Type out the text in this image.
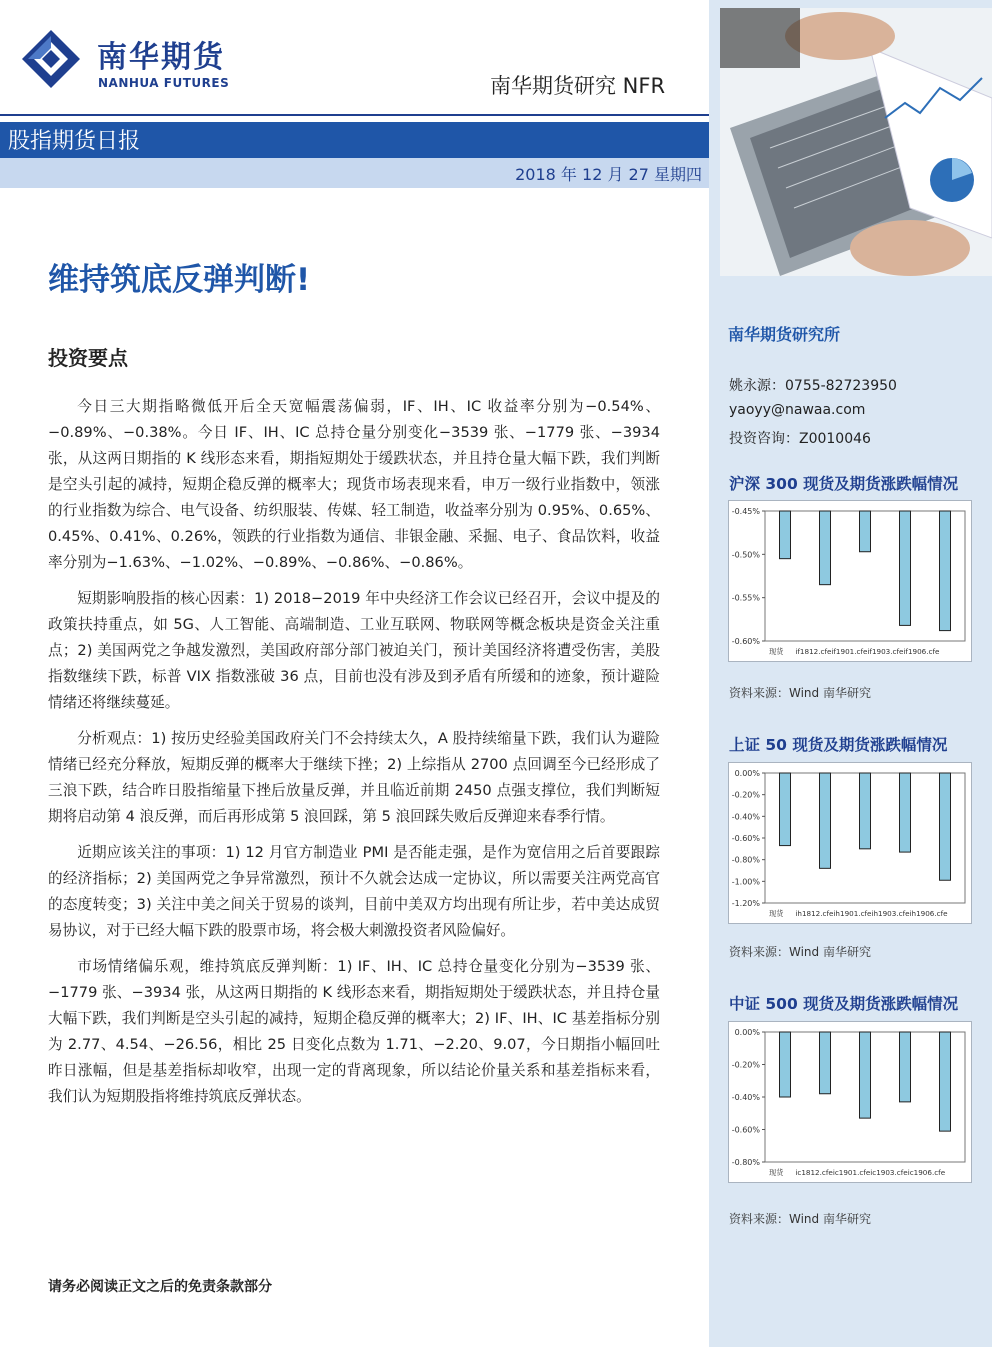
南华期货
NANHUA FUTURES	南华期货研究 NFR
股指期货日报
2018 年 12 月 27 星期四
维持筑底反弹判断!
投资要点

今日三大期指略微低开后全天宽幅震荡偏弱，IF、IH、IC 收益率分别为−0.54%、−0.89%、−0.38%。今日 IF、IH、IC 总持仓量分别变化−3539 张、−1779 张、−3934 张，从这两日期指的 K 线形态来看，期指短期处于缓跌状态，并且持仓量大幅下跌，我们判断是空头引起的减持，短期企稳反弹的概率大；现货市场表现来看，申万一级行业指数中，领涨的行业指数为综合、电气设备、纺织服装、传媒、轻工制造，收益率分别为 0.95%、0.65%、0.45%、0.41%、0.26%，领跌的行业指数为通信、非银金融、采掘、电子、食品饮料，收益率分别为−1.63%、−1.02%、−0.89%、−0.86%、−0.86%。

短期影响股指的核心因素：1) 2018−2019 年中央经济工作会议已经召开，会议中提及的政策扶持重点，如 5G、人工智能、高端制造、工业互联网、物联网等概念板块是资金关注重点；2) 美国两党之争越发激烈，美国政府部分部门被迫关门，预计美国经济将遭受伤害，美股指数继续下跌，标普 VIX 指数涨破 36 点，目前也没有涉及到矛盾有所缓和的迹象，预计避险情绪还将继续蔓延。

分析观点：1) 按历史经验美国政府关门不会持续太久，A 股持续缩量下跌，我们认为避险情绪已经充分释放，短期反弹的概率大于继续下挫；2) 上综指从 2700 点回调至今已经形成了三浪下跌，结合昨日股指缩量下挫后放量反弹，并且临近前期 2450 点强支撑位，我们判断短期将启动第 4 浪反弹，而后再形成第 5 浪回踩，第 5 浪回踩失败后反弹迎来春季行情。

近期应该关注的事项：1) 12 月官方制造业 PMI 是否能走强，是作为宽信用之后首要跟踪的经济指标；2) 美国两党之争异常激烈，预计不久就会达成一定协议，所以需要关注两党高官的态度转变；3) 关注中美之间关于贸易的谈判，目前中美双方均出现有所让步，若中美达成贸易协议，对于已经大幅下跌的股票市场，将会极大刺激投资者风险偏好。

市场情绪偏乐观，维持筑底反弹判断：1) IF、IH、IC 总持仓量变化分别为−3539 张、−1779 张、−3934 张，从这两日期指的 K 线形态来看，期指短期处于缓跌状态，并且持仓量大幅下跌，我们判断是空头引起的减持，短期企稳反弹的概率大；2) IF、IH、IC 基差指标分别为 2.77、4.54、−26.56，相比 25 日变化点数为 1.71、−2.20、9.07，今日期指小幅回吐昨日涨幅，但是基差指标却收窄，出现一定的背离现象，所以结论价量关系和基差指标来看，我们认为短期股指将维持筑底反弹状态。

请务必阅读正文之后的免责条款部分
南华期货研究所
姚永源：0755-82723950
yaoyy@nawaa.com
投资咨询：Z0010046
沪深 300 现货及期货涨跌幅情况
-0.45%
-0.50%
-0.55%
-0.60%
现货 if1812.cfeif1901.cfeif1903.cfeif1906.cfe
资料来源：Wind 南华研究
上证 50 现货及期货涨跌幅情况
0.00%
-0.20%
-0.40%
-0.60%
-0.80%
-1.00%
-1.20%
现货 ih1812.cfeih1901.cfeih1903.cfeih1906.cfe
资料来源：Wind 南华研究
中证 500 现货及期货涨跌幅情况
0.00%
-0.20%
-0.40%
-0.60%
-0.80%
现货 ic1812.cfeic1901.cfeic1903.cfeic1906.cfe
资料来源：Wind 南华研究
